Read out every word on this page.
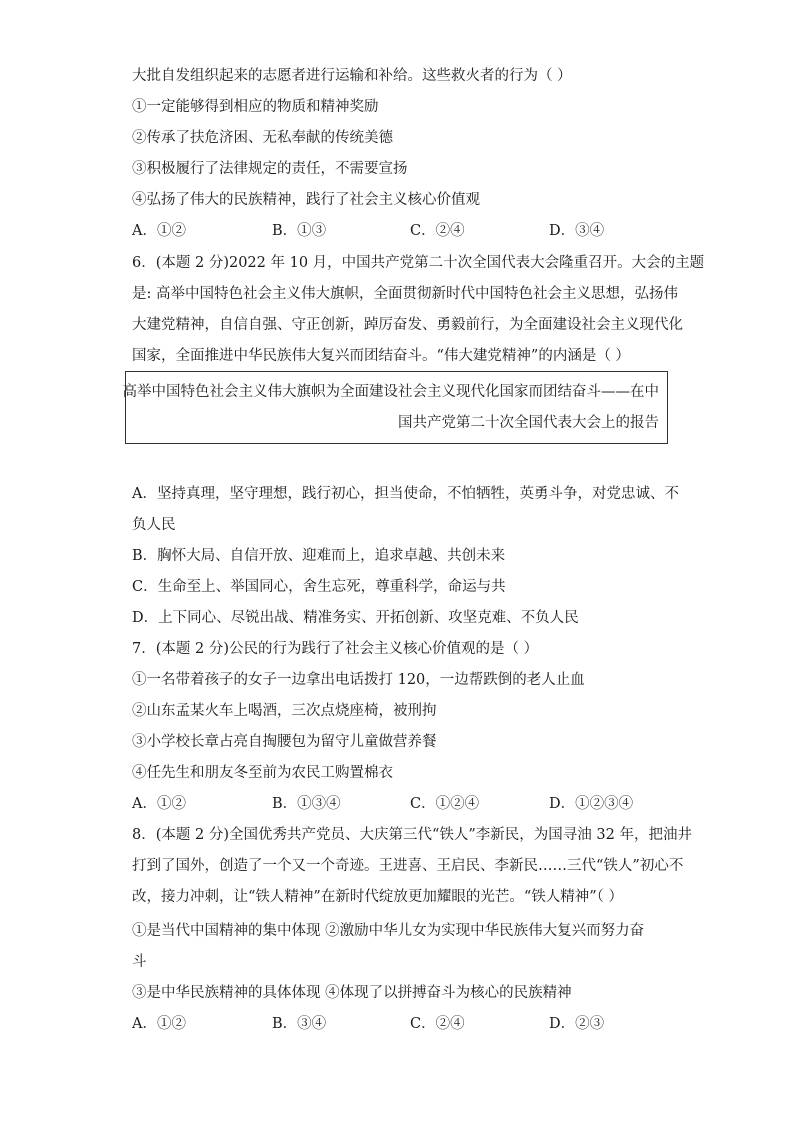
大批自发组织起来的志愿者进行运输和补给。这些救火者的行为（ ）
①一定能够得到相应的物质和精神奖励
②传承了扶危济困、无私奉献的传统美德
③积极履行了法律规定的责任，不需要宣扬
④弘扬了伟大的民族精神，践行了社会主义核心价值观
A．①②	B．①③	C．②④	D．③④
6．(本题 2 分)2022 年 10 月，中国共产党第二十次全国代表大会隆重召开。大会的主题
是: 高举中国特色社会主义伟大旗帜，全面贯彻新时代中国特色社会主义思想，弘扬伟
大建党精神，自信自强、守正创新，踔厉奋发、勇毅前行，为全面建设社会主义现代化
国家，全面推进中华民族伟大复兴而团结奋斗。“伟大建党精神”的内涵是（ ）
高举中国特色社会主义伟大旗帜为全面建设社会主义现代化国家而团结奋斗——在中
国共产党第二十次全国代表大会上的报告
A．坚持真理，坚守理想，践行初心，担当使命，不怕牺牲，英勇斗争，对党忠诚、不
负人民
B．胸怀大局、自信开放、迎难而上，追求卓越、共创未来
C．生命至上、举国同心，舍生忘死，尊重科学，命运与共
D．上下同心、尽锐出战、精准务实、开拓创新、攻坚克难、不负人民
7．(本题 2 分)公民的行为践行了社会主义核心价值观的是（ ）
①一名带着孩子的女子一边拿出电话拨打 120，一边帮跌倒的老人止血
②山东孟某火车上喝酒，三次点烧座椅，被刑拘
③小学校长章占亮自掏腰包为留守儿童做营养餐
④任先生和朋友冬至前为农民工购置棉衣
A．①②	B．①③④	C．①②④	D．①②③④
8．(本题 2 分)全国优秀共产党员、大庆第三代“铁人”李新民，为国寻油 32 年，把油井
打到了国外，创造了一个又一个奇迹。王进喜、王启民、李新民……三代“铁人”初心不
改，接力冲刺，让“铁人精神”在新时代绽放更加耀眼的光芒。“铁人精神”（ ）
①是当代中国精神的集中体现 ②激励中华儿女为实现中华民族伟大复兴而努力奋
斗
③是中华民族精神的具体体现 ④体现了以拼搏奋斗为核心的民族精神
A．①②	B．③④	C．②④	D．②③
